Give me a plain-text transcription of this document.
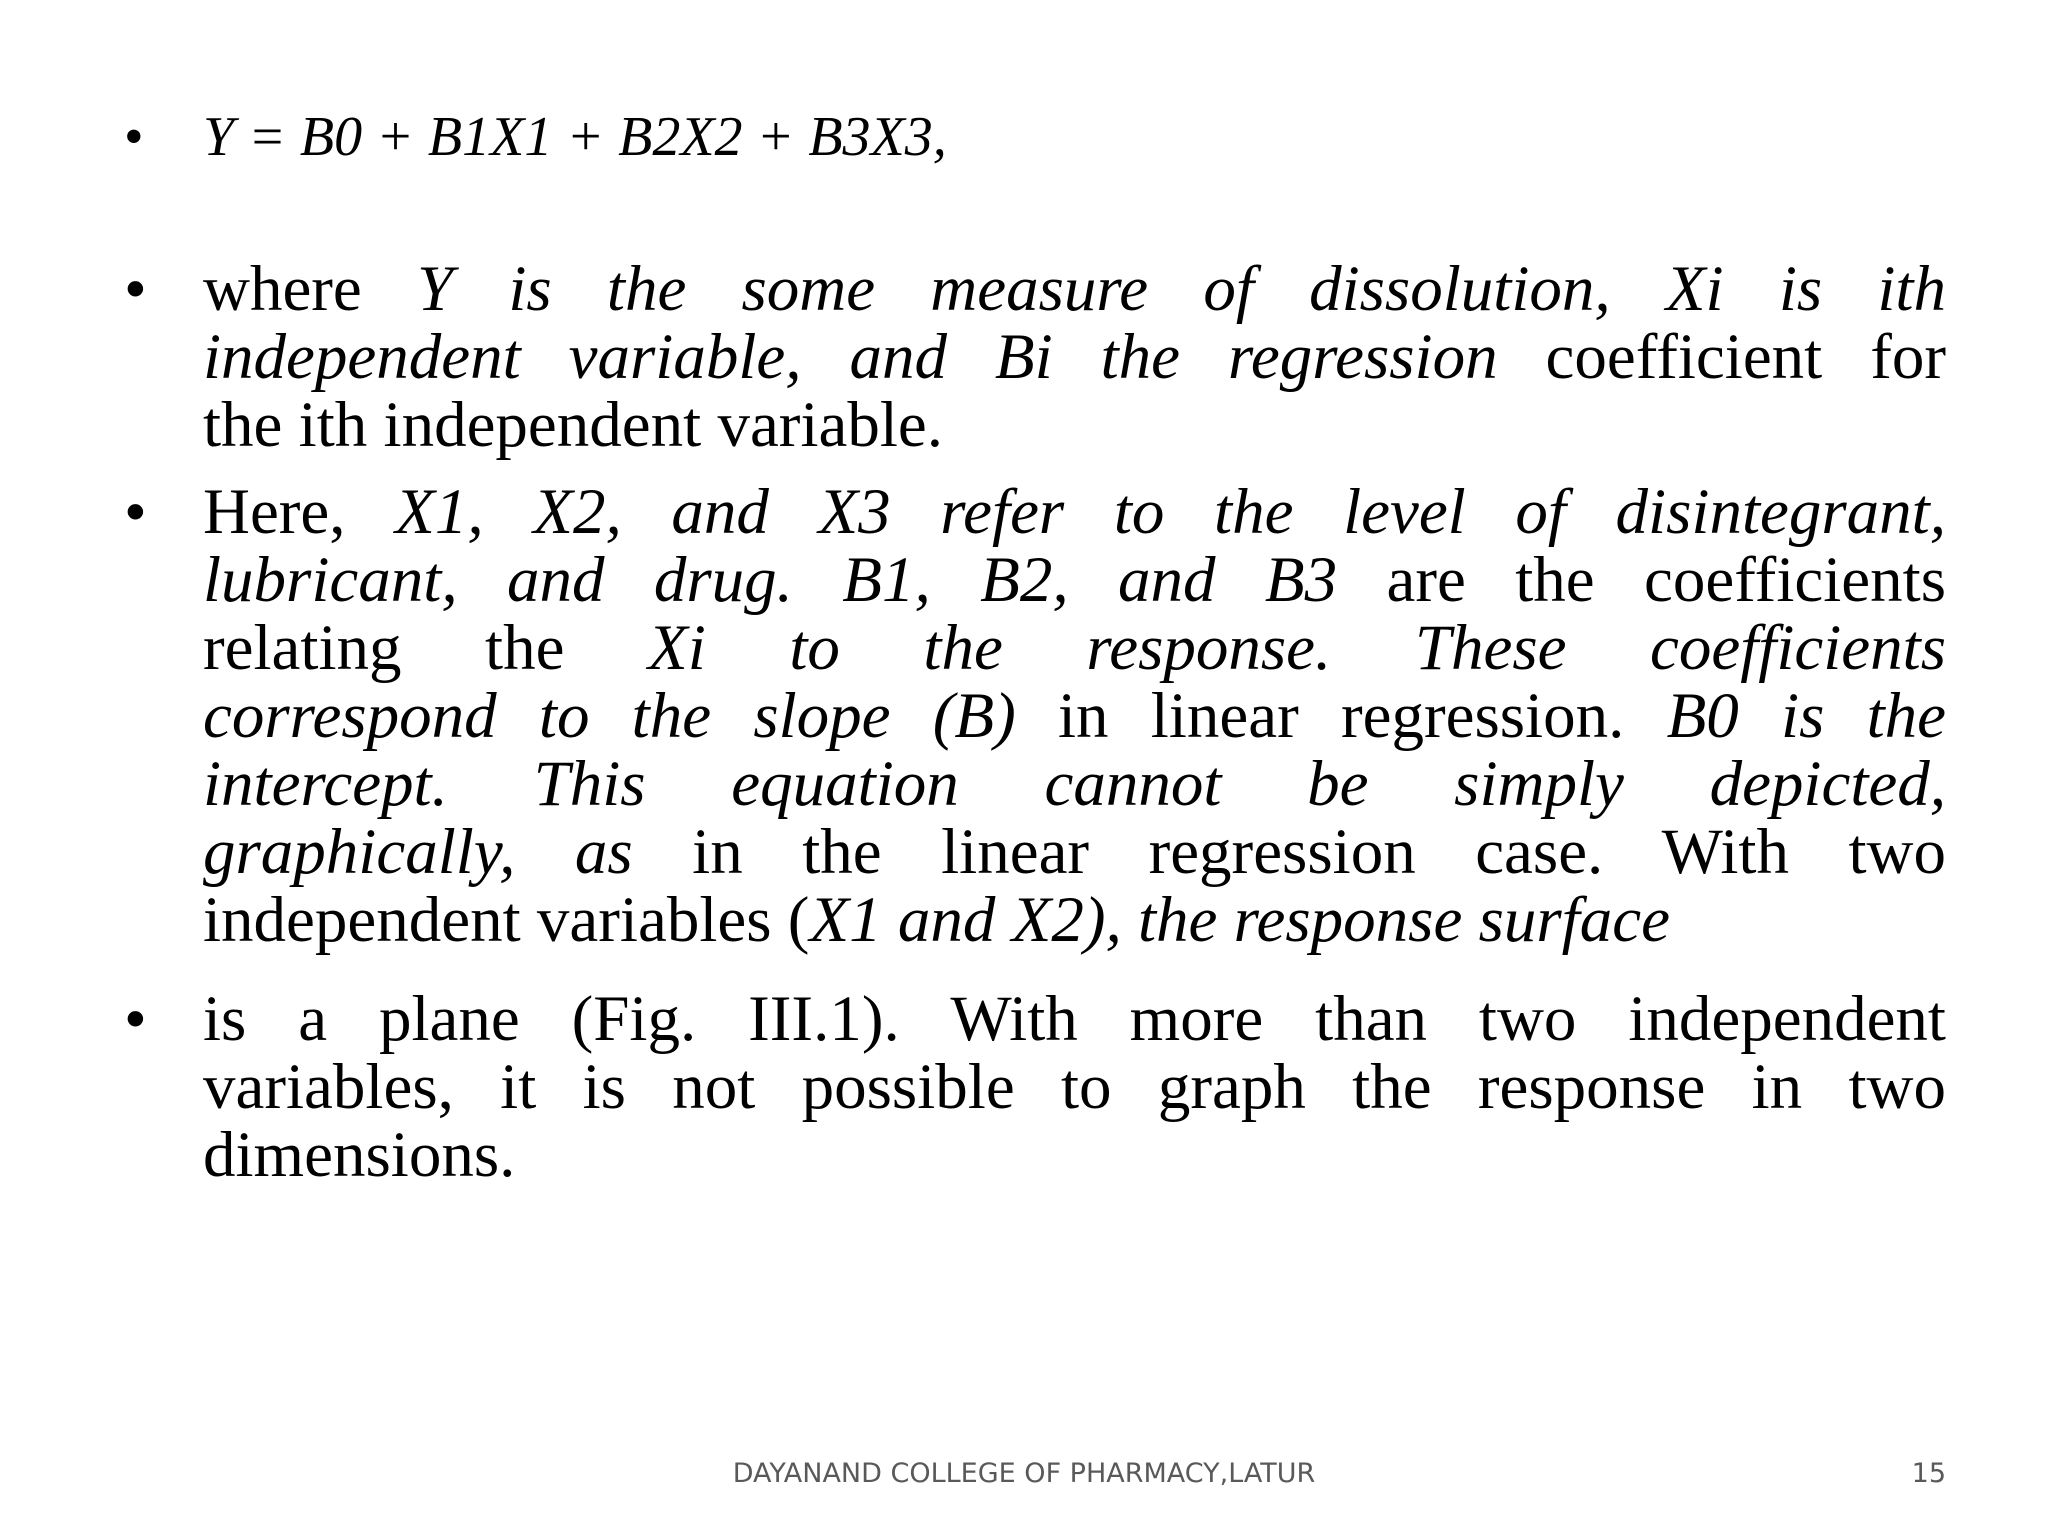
• Y = B0 + B1X1 + B2X2 + B3X3,
• where Y is the some measure of dissolution, Xi is ith
independent variable, and Bi the regression coefficient for
the ith independent variable.
• Here, X1, X2, and X3 refer to the level of disintegrant,
lubricant, and drug. B1, B2, and B3 are the coefficients
relating the Xi to the response. These coefficients
correspond to the slope (B) in linear regression. B0 is the
intercept. This equation cannot be simply depicted,
graphically, as in the linear regression case. With two
independent variables (X1 and X2), the response surface
• is a plane (Fig. III.1). With more than two independent
variables, it is not possible to graph the response in two
dimensions.
DAYANAND COLLEGE OF PHARMACY,LATUR	15
